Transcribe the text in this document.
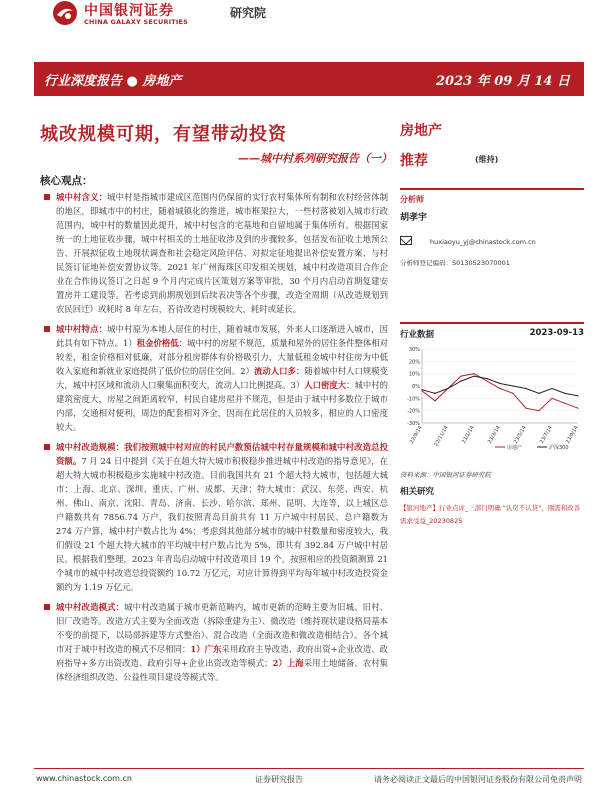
中国银河证券
CHINA GALAXY SECURITIES
研究院
行业深度报告 ● 房地产	2023 年 09 月 14 日
城改规模可期，有望带动投资
——城中村系列研究报告（一）
核心观点：
城中村含义：城中村是指城市建成区范围内仍保留的实行农村集体所有制和农村经营体制的地区，即城市中的村庄，随着城镇化的推进，城市框架拉大，一些村落被划入城市行政范围内，城中村的数量因此提升，城中村包含的宅基地和自留地属于集体所有。根据国家统一的土地征收步骤，城中村相关的土地征收涉及到的步骤较多，包括发布征收土地预公告、开展拟征收土地现状调查和社会稳定风险评估、对拟定征地提出补偿安置方案、与村民签订征地补偿安置协议等。2021 年广州海珠区印发相关规划，城中村改造项目合作企业在合作协议签订之日起 9 个月内完成片区策划方案等审批，30 个月内启动首期复建安置房并工建设等。若考虑到前期规划到后续表决等各个步骤，改造全周期（从改造规划到农民回迁）或耗时 8 年左右，若待改造村规模较大，耗时或延长。
城中村特点：城中村原为本地人居住的村庄，随着城市发展，外来人口逐渐进入城市，因此具有如下特点。1）租金价格低：城中村的房屋不规范，质量和屋外的居住条件整体相对较差，租金价格相对低廉，对部分租房群体有价格吸引力，大量低租金城中村住房为中低收入家庭和新就业家庭提供了低价位的居住空间。2）流动人口多：随着城中村人口规模变大，城中村区域和流动人口聚集面积变大，流动人口比例提高。3）人口密度大：城中村的建筑密度大，房屋之间距离较窄，村民自建房屋并不规范，但是由于城中村多数位于城市内部，交通相对便利，周边的配套相对齐全，因而在此居住的人员较多，相应的人口密度较大。
城中村改造规模：我们按照城中村对应的村民户数预估城中村存量规模和城中村改造总投资额。7 月 24 日中提到《关于在超大特大城市积极稳步推进城中村改造的指导意见》，在超大特大城市积极稳步实施城中村改造。目前我国共有 21 个超大特大城市，包括超大城市：上海、北京、深圳、重庆、广州、成都、天津；特大城市：武汉、东莞、西安、杭州、佛山、南京、沈阳、青岛、济南、长沙、哈尔滨、郑州、昆明、大连等，以上城区总户籍数共有 7856.74 万户，我们按照青岛目前共有 11 万户城中村居民、总户籍数为 274 万户算，城中村户数占比为 4%；考虑到其他部分城市的城中村数量和密度较大，我们假设 21 个超大特大城市的平均城中村户数占比为 5%，即共有 392.84 万户城中村居民。根据我们整理，2023 年青岛启动城中村改造项目 19 个，按照相应的投资额测算 21 个城市的城中村改造总投资额约 10.72 万亿元，对应计算得到平均每年城中村改造投资金额约为 1.19 万亿元。
城中村改造模式：城中村改造属于城市更新范畴内，城市更新的范畴主要为旧城、旧村、旧厂改造等。改造方式主要为全面改造（拆除重建为主）、微改造（维持现状建设格局基本不变的前提下，以局部拆建等方式整治）、混合改造（全面改造和微改造相结合）。各个城市对于城中村改造的模式不尽相同：1）广东采用政府主导改造、政府出资+企业改造、政府指导+多方出资改造、政府引导+企业出资改造等模式；2）上海采用土地储备、农村集体经济组织改造、公益性项目建设等模式等。
房地产
推荐	(维持)
分析师
胡孝宇
huxiaoyu_yj@chinastock.com.cn
分析师登记编码：S0130523070001
行业数据	2023-09-13
30%
20%
10%
0%
-10%
-20%
-30%
22/9/14 22/11/14 23/1/14 23/3/14 23/5/14 23/7/14 23/9/14
房地产	沪深300
资料来源：中国银河证券研究院
相关研究
【银河地产】行业点评_三部门明确 "认房不认贷"，刚需和改善需求受益_20230825
www.chinastock.com.cn	证券研究报告	请务必阅读正文最后的中国银河证券股份有限公司免责声明
